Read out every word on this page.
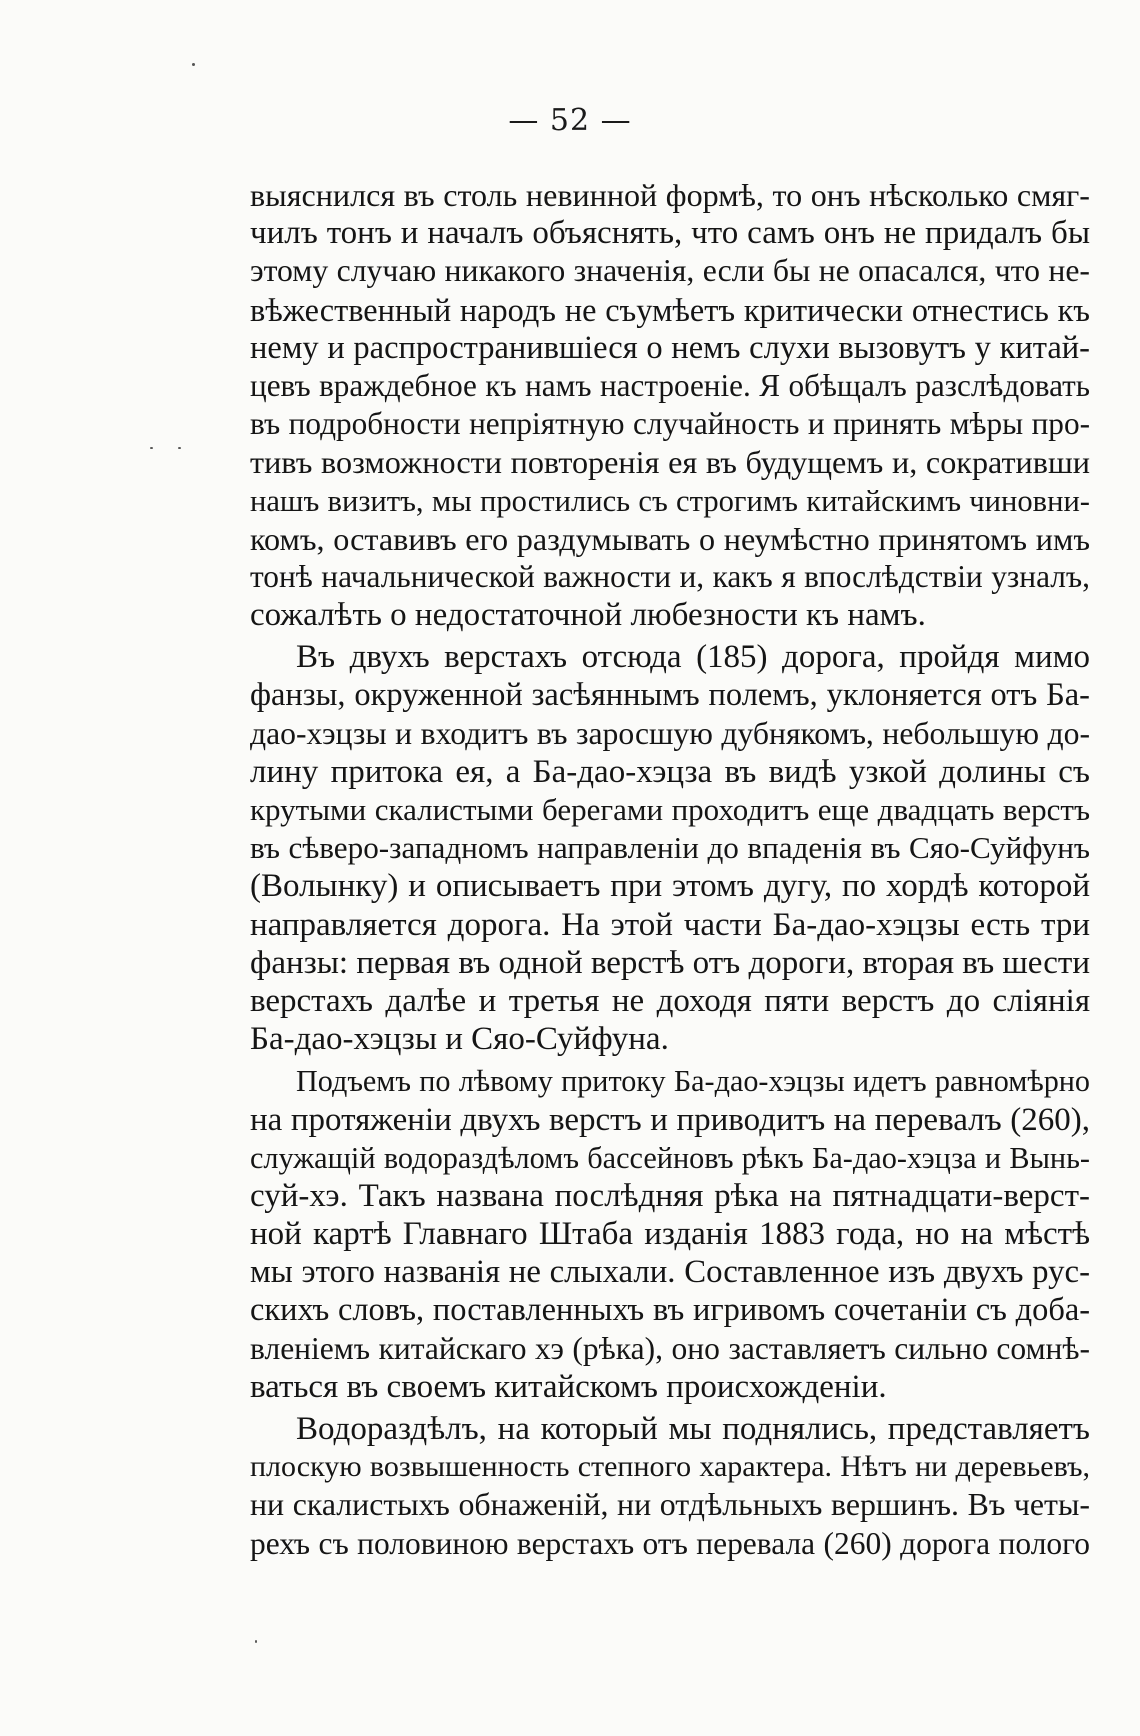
— 52 —
выяснился въ столь невинной формѣ, то онъ нѣсколько смяг-
чилъ тонъ и началъ объяснять, что самъ онъ не придалъ бы
этому случаю никакого значенія, если бы не опасался, что не-
вѣжественный народъ не съумѣетъ критически отнестись къ
нему и распространившіеся о немъ слухи вызовутъ у китай-
цевъ враждебное къ намъ настроеніе. Я обѣщалъ разслѣдовать
въ подробности непріятную случайность и принять мѣры про-
тивъ возможности повторенія ея въ будущемъ и, сокративши
нашъ визитъ, мы простились съ строгимъ китайскимъ чиновни-
комъ, оставивъ его раздумывать о неумѣстно принятомъ имъ
тонѣ начальнической важности и, какъ я впослѣдствіи узналъ,
сожалѣть о недостаточной любезности къ намъ.
Въ двухъ верстахъ отсюда (185) дорога, пройдя мимо
фанзы, окруженной засѣяннымъ полемъ, уклоняется отъ Ба-
дао-хэцзы и входитъ въ заросшую дубнякомъ, небольшую до-
лину притока ея, а Ба-дао-хэцза въ видѣ узкой долины съ
крутыми скалистыми берегами проходитъ еще двадцать верстъ
въ сѣверо-западномъ направленіи до впаденія въ Сяо-Суйфунъ
(Волынку) и описываетъ при этомъ дугу, по хордѣ которой
направляется дорога. На этой части Ба-дао-хэцзы есть три
фанзы: первая въ одной верстѣ отъ дороги, вторая въ шести
верстахъ далѣе и третья не доходя пяти верстъ до сліянія
Ба-дао-хэцзы и Сяо-Суйфуна.
Подъемъ по лѣвому притоку Ба-дао-хэцзы идетъ равномѣрно
на протяженіи двухъ верстъ и приводитъ на перевалъ (260),
служащій водораздѣломъ бассейновъ рѣкъ Ба-дао-хэцза и Вынь-
суй-хэ. Такъ названа послѣдняя рѣка на пятнадцати-верст-
ной картѣ Главнаго Штаба изданія 1883 года, но на мѣстѣ
мы этого названія не слыхали. Составленное изъ двухъ рус-
скихъ словъ, поставленныхъ въ игривомъ сочетаніи съ доба-
вленіемъ китайскаго хэ (рѣка), оно заставляетъ сильно сомнѣ-
ваться въ своемъ китайскомъ происхожденіи.
Водораздѣлъ, на который мы поднялись, представляетъ
плоскую возвышенность степного характера. Нѣтъ ни деревьевъ,
ни скалистыхъ обнаженій, ни отдѣльныхъ вершинъ. Въ четы-
рехъ съ половиною верстахъ отъ перевала (260) дорога полого
